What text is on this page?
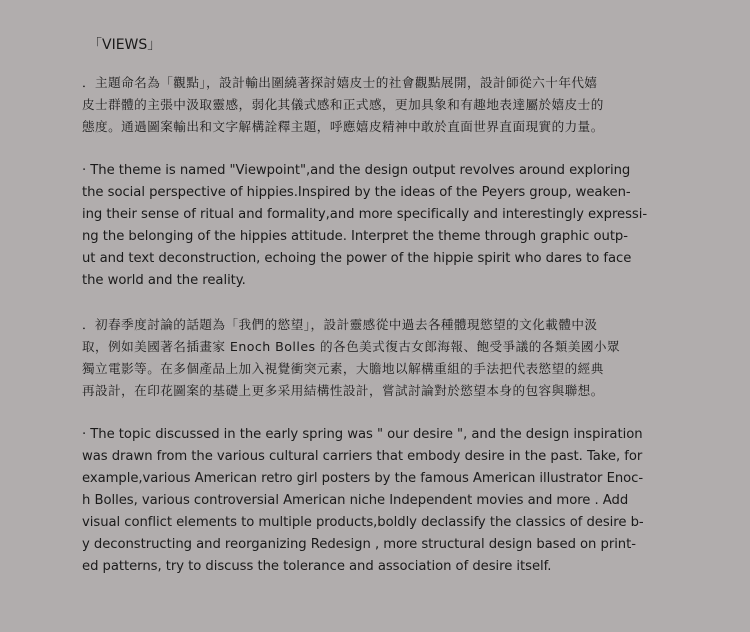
「VIEWS」
．主題命名為「觀點」，設計輸出圍繞著探討嬉皮士的社會觀點展開，設計師從六十年代嬉
皮士群體的主張中汲取靈感，弱化其儀式感和正式感，更加具象和有趣地表達屬於嬉皮士的
態度。通過圖案輸出和文字解構詮釋主題，呼應嬉皮精神中敢於直面世界直面現實的力量。
· The theme is named "Viewpoint",and the design output revolves around exploring
the social perspective of hippies.Inspired by the ideas of the Peyers group, weaken-
ing their sense of ritual and formality,and more specifically and interestingly expressi-
ng the belonging of the hippies attitude. Interpret the theme through graphic outp-
ut and text deconstruction, echoing the power of the hippie spirit who dares to face
the world and the reality.
．初春季度討論的話題為「我們的慾望」，設計靈感從中過去各種體現慾望的文化載體中汲
取，例如美國著名插畫家 Enoch Bolles 的各色美式復古女郎海報、飽受爭議的各類美國小眾
獨立電影等。在多個產品上加入視覺衝突元素，大膽地以解構重組的手法把代表慾望的經典
再設計，在印花圖案的基礎上更多采用結構性設計，嘗試討論對於慾望本身的包容與聯想。
· The topic discussed in the early spring was " our desire ", and the design inspiration
was drawn from the various cultural carriers that embody desire in the past. Take, for
example,various American retro girl posters by the famous American illustrator Enoc-
h Bolles, various controversial American niche Independent movies and more . Add
visual conflict elements to multiple products,boldly declassify the classics of desire b-
y deconstructing and reorganizing Redesign , more structural design based on print-
ed patterns, try to discuss the tolerance and association of desire itself.
